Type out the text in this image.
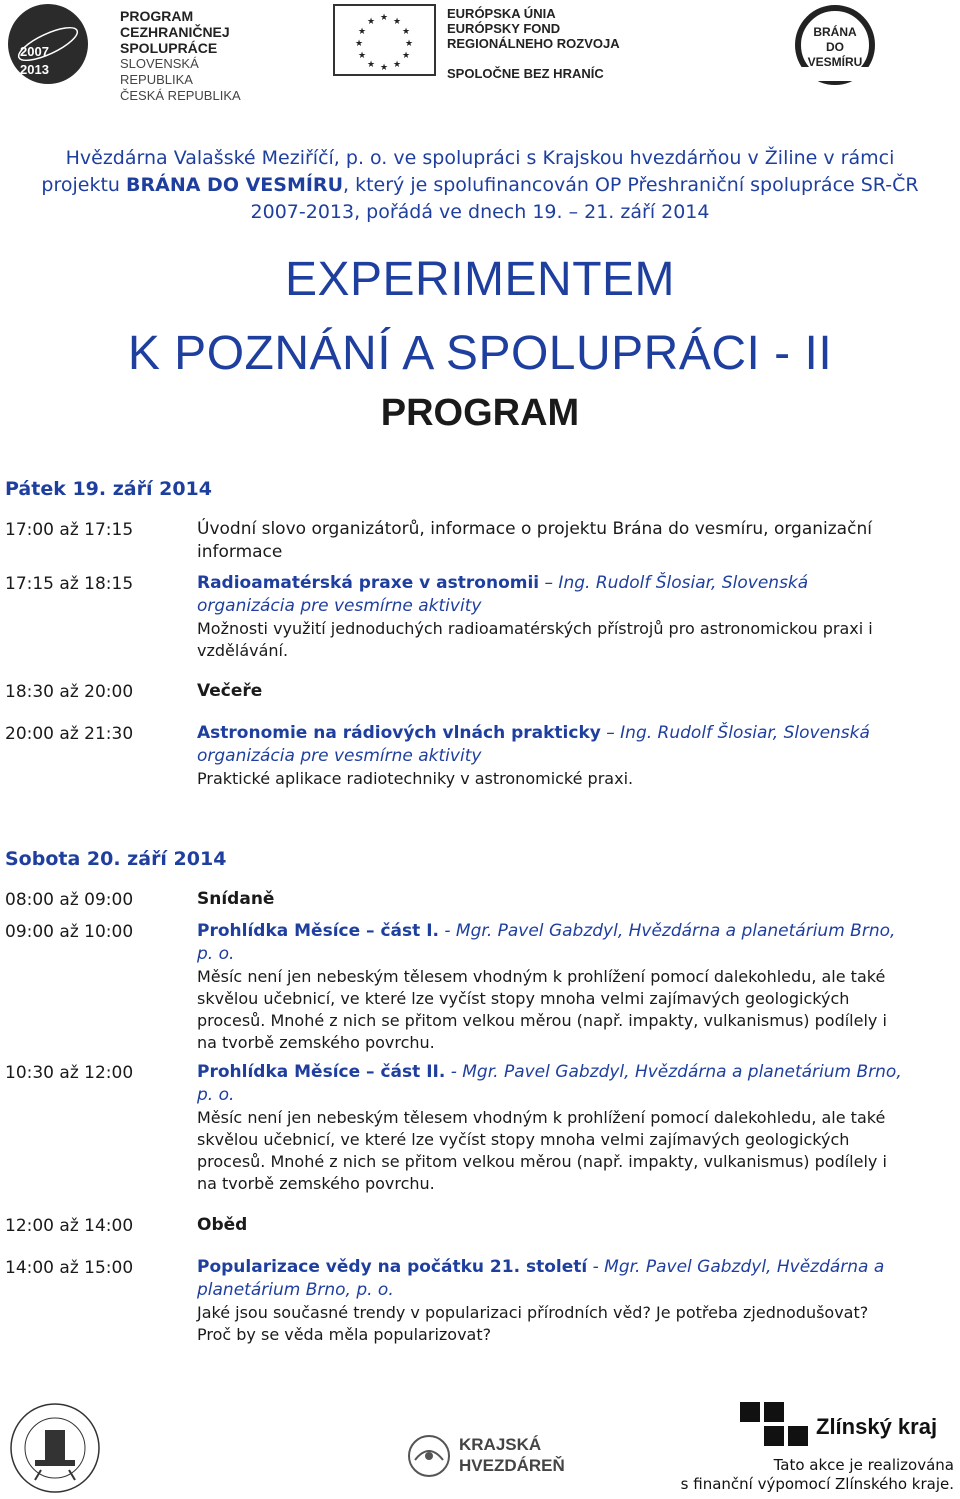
2007
2013
PROGRAM
CEZHRANIČNEJ
SPOLUPRÁCE
SLOVENSKÁ REPUBLIKA
ČESKÁ REPUBLIKA
★ ★
★
★
★
★
★
★
★
★
★
★
EURÓPSKA ÚNIA
EURÓPSKY FOND
REGIONÁLNEHO ROZVOJA
SPOLOČNE BEZ HRANÍC
BRÁNA
DO
VESMÍRU
Hvězdárna Valašské Meziříčí, p. o. ve spolupráci s Krajskou hvezdárňou v Žiline v rámci
projektu BRÁNA DO VESMÍRU, který je spolufinancován OP Přeshraniční spolupráce SR-ČR
2007-2013, pořádá ve dnech 19. – 21. září 2014
EXPERIMENTEM
K POZNÁNÍ A SPOLUPRÁCI - II
PROGRAM
Pátek 19. září 2014
17:00 až 17:15	Úvodní slovo organizátorů, informace o projektu Brána do vesmíru, organizační informace
17:15 až 18:15	Radioamatérská praxe v astronomii – Ing. Rudolf Šlosiar, Slovenská organizácia pre vesmírne aktivity
Možnosti využití jednoduchých radioamatérských přístrojů pro astronomickou praxi i vzdělávání.
18:30 až 20:00	Večeře
20:00 až 21:30	Astronomie na rádiových vlnách prakticky – Ing. Rudolf Šlosiar, Slovenská organizácia pre vesmírne aktivity
Praktické aplikace radiotechniky v astronomické praxi.
Sobota 20. září 2014
08:00 až 09:00	Snídaně
09:00 až 10:00	Prohlídka Měsíce – část I. - Mgr. Pavel Gabzdyl, Hvězdárna a planetárium Brno, p. o.
Měsíc není jen nebeským tělesem vhodným k prohlížení pomocí dalekohledu, ale také skvělou učebnicí, ve které lze vyčíst stopy mnoha velmi zajímavých geologických procesů. Mnohé z nich se přitom velkou měrou (např. impakty, vulkanismus) podílely i na tvorbě zemského povrchu.
10:30 až 12:00	Prohlídka Měsíce – část II. - Mgr. Pavel Gabzdyl, Hvězdárna a planetárium Brno, p. o.
Měsíc není jen nebeským tělesem vhodným k prohlížení pomocí dalekohledu, ale také skvělou učebnicí, ve které lze vyčíst stopy mnoha velmi zajímavých geologických procesů. Mnohé z nich se přitom velkou měrou (např. impakty, vulkanismus) podílely i na tvorbě zemského povrchu.
12:00 až 14:00	Oběd
14:00 až 15:00	Popularizace vědy na počátku 21. století - Mgr. Pavel Gabzdyl, Hvězdárna a planetárium Brno, p. o.
Jaké jsou současné trendy v popularizaci přírodních věd? Je potřeba zjednodušovat? Proč by se věda měla popularizovat?
KRAJSKÁ
HVEZDÁREŇ
Zlínský kraj
Tato akce je realizována
s finanční výpomocí Zlínského kraje.
